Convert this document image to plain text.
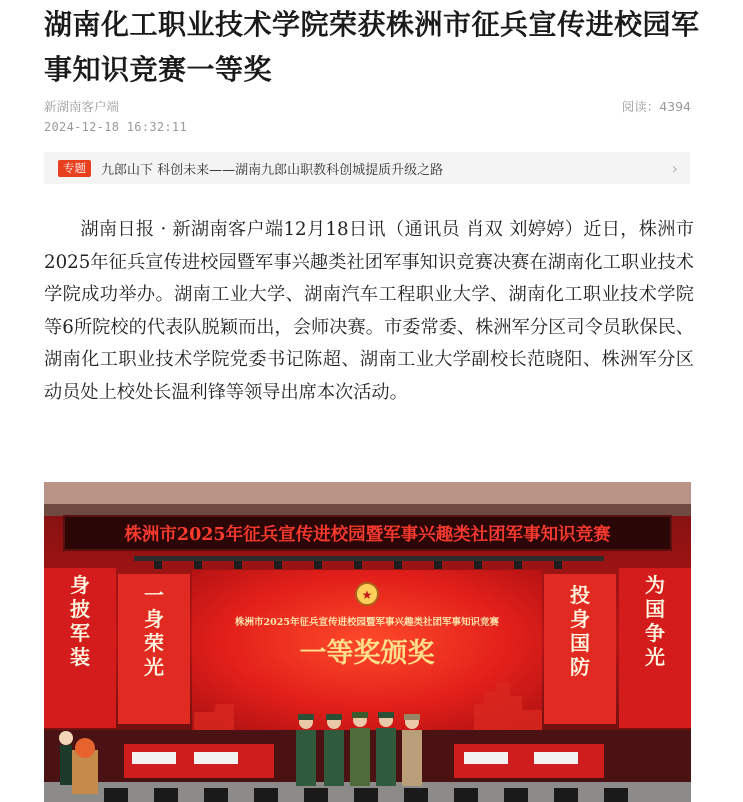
湖南化工职业技术学院荣获株洲市征兵宣传进校园军事知识竞赛一等奖
新湖南客户端	阅读：4394
2024-12-18 16:32:11
专题	九郎山下 科创未来——湖南九郎山职教科创城提质升级之路	›

湖南日报 · 新湖南客户端12月18日讯（通讯员 肖双 刘婷婷）近日，株洲市2025年征兵宣传进校园暨军事兴趣类社团军事知识竞赛决赛在湖南化工职业技术学院成功举办。湖南工业大学、湖南汽车工程职业大学、湖南化工职业技术学院等6所院校的代表队脱颖而出，会师决赛。市委常委、株洲军分区司令员耿保民、湖南化工职业技术学院党委书记陈超、湖南工业大学副校长范晓阳、株洲军分区动员处上校处长温利锋等领导出席本次活动。

株洲市2025年征兵宣传进校园暨军事兴趣类社团军事知识竞赛
★
株洲市2025年征兵宣传进校园暨军事兴趣类社团军事知识竞赛
一等奖颁奖
身披军装
一身荣光
投身国防
为国争光
